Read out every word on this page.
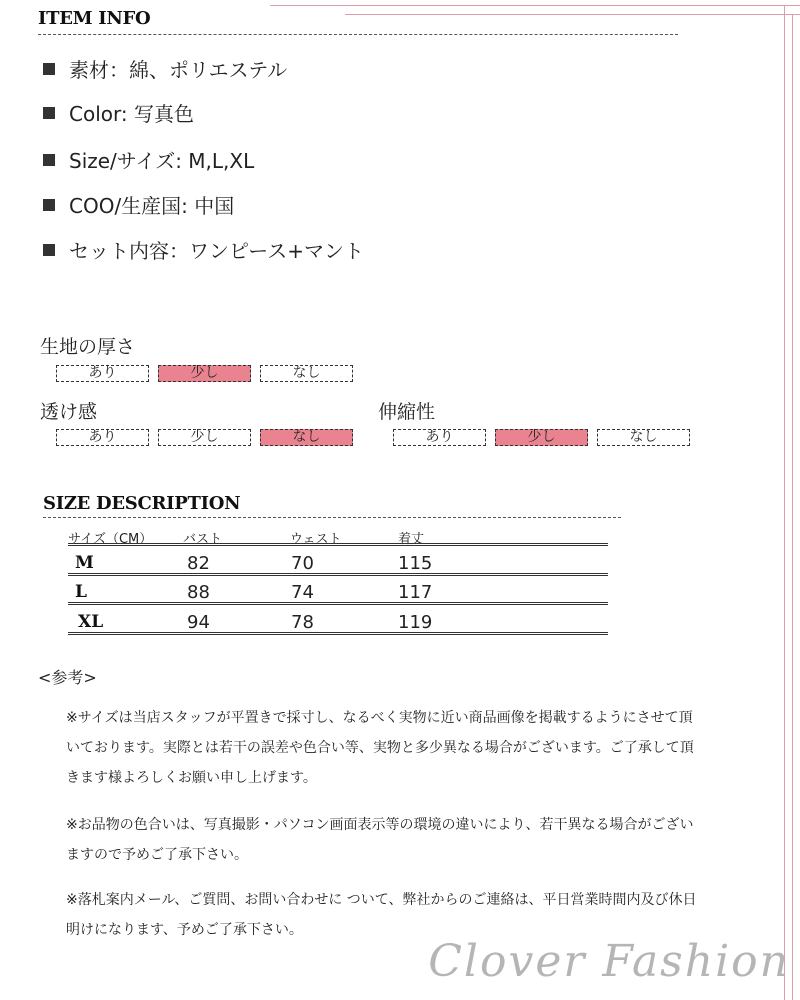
ITEM INFO
素材：綿、ポリエステル
Color: 写真色
Size/サイズ: M,L,XL
COO/生産国: 中国
セット内容：ワンピース+マント
生地の厚さ
あり	少し	なし
透け感
あり	少し	なし
伸縮性
あり	少し	なし
SIZE DESCRIPTION
サイズ（CM） バスト	ウェスト	着丈
M	82	70	115
L	88	74	117
XL	94	78	119
<参考>
※サイズは当店スタッフが平置きで採寸し、なるべく実物に近い商品画像を掲載するようにさせて頂いております。実際とは若干の誤差や色合い等、実物と多少異なる場合がございます。ご了承して頂きます様よろしくお願い申し上げます。
※お品物の色合いは、写真撮影・パソコン画面表示等の環境の違いにより、若干異なる場合がございますので予めご了承下さい。
※落札案内メール、ご質問、お問い合わせに ついて、弊社からのご連絡は、平日営業時間内及び休日明けになります、予めご了承下さい。
Clover Fashion
